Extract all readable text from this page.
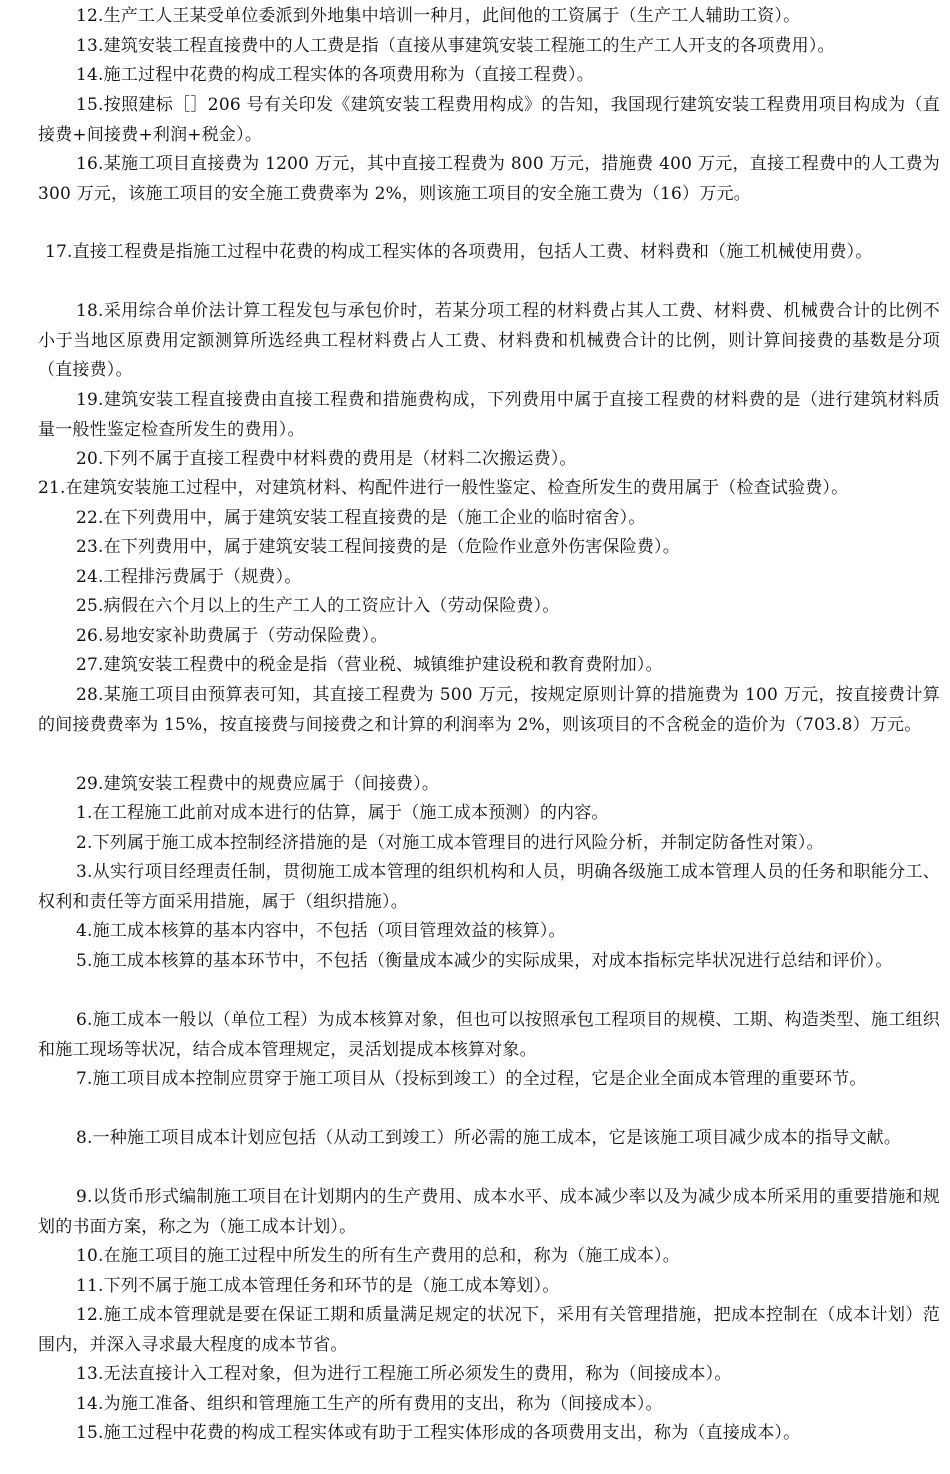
12.生产工人王某受单位委派到外地集中培训一种月，此间他的工资属于（生产工人辅助工资）。
13.建筑安装工程直接费中的人工费是指（直接从事建筑安装工程施工的生产工人开支的各项费用）。
14.施工过程中花费的构成工程实体的各项费用称为（直接工程费）。
15.按照建标［］206 号有关印发《建筑安装工程费用构成》的告知，我国现行建筑安装工程费用项目构成为（直接费+间接费+利润+税金）。
16.某施工项目直接费为 1200 万元，其中直接工程费为 800 万元，措施费 400 万元，直接工程费中的人工费为 300 万元，该施工项目的安全施工费费率为 2%，则该施工项目的安全施工费为（16）万元。
17.直接工程费是指施工过程中花费的构成工程实体的各项费用，包括人工费、材料费和（施工机械使用费）。
18.采用综合单价法计算工程发包与承包价时，若某分项工程的材料费占其人工费、材料费、机械费合计的比例不小于当地区原费用定额测算所选经典工程材料费占人工费、材料费和机械费合计的比例，则计算间接费的基数是分项（直接费）。
19.建筑安装工程直接费由直接工程费和措施费构成，下列费用中属于直接工程费的材料费的是（进行建筑材料质量一般性鉴定检查所发生的费用）。
20.下列不属于直接工程费中材料费的费用是（材料二次搬运费）。
21.在建筑安装施工过程中，对建筑材料、构配件进行一般性鉴定、检查所发生的费用属于（检查试验费）。
22.在下列费用中，属于建筑安装工程直接费的是（施工企业的临时宿舍）。
23.在下列费用中，属于建筑安装工程间接费的是（危险作业意外伤害保险费）。
24.工程排污费属于（规费）。
25.病假在六个月以上的生产工人的工资应计入（劳动保险费）。
26.易地安家补助费属于（劳动保险费）。
27.建筑安装工程费中的税金是指（营业税、城镇维护建设税和教育费附加）。
28.某施工项目由预算表可知，其直接工程费为 500 万元，按规定原则计算的措施费为 100 万元，按直接费计算的间接费费率为 15%，按直接费与间接费之和计算的利润率为 2%，则该项目的不含税金的造价为（703.8）万元。
29.建筑安装工程费中的规费应属于（间接费）。
1.在工程施工此前对成本进行的估算，属于（施工成本预测）的内容。
2.下列属于施工成本控制经济措施的是（对施工成本管理目的进行风险分析，并制定防备性对策）。
3.从实行项目经理责任制，贯彻施工成本管理的组织机构和人员，明确各级施工成本管理人员的任务和职能分工、权利和责任等方面采用措施，属于（组织措施）。
4.施工成本核算的基本内容中，不包括（项目管理效益的核算）。
5.施工成本核算的基本环节中，不包括（衡量成本减少的实际成果，对成本指标完毕状况进行总结和评价）。
6.施工成本一般以（单位工程）为成本核算对象，但也可以按照承包工程项目的规模、工期、构造类型、施工组织和施工现场等状况，结合成本管理规定，灵活划提成本核算对象。
7.施工项目成本控制应贯穿于施工项目从（投标到竣工）的全过程，它是企业全面成本管理的重要环节。
8.一种施工项目成本计划应包括（从动工到竣工）所必需的施工成本，它是该施工项目减少成本的指导文献。
9.以货币形式编制施工项目在计划期内的生产费用、成本水平、成本减少率以及为减少成本所采用的重要措施和规划的书面方案，称之为（施工成本计划）。
10.在施工项目的施工过程中所发生的所有生产费用的总和，称为（施工成本）。
11.下列不属于施工成本管理任务和环节的是（施工成本筹划）。
12.施工成本管理就是要在保证工期和质量满足规定的状况下，采用有关管理措施，把成本控制在（成本计划）范围内，并深入寻求最大程度的成本节省。
13.无法直接计入工程对象，但为进行工程施工所必须发生的费用，称为（间接成本）。
14.为施工准备、组织和管理施工生产的所有费用的支出，称为（间接成本）。
15.施工过程中花费的构成工程实体或有助于工程实体形成的各项费用支出，称为（直接成本）。
